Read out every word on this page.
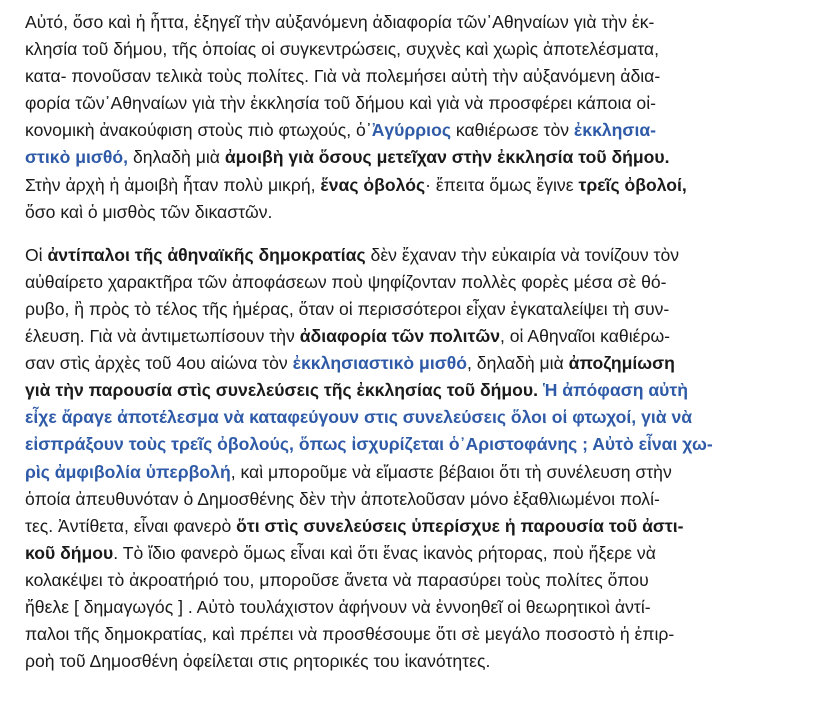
Αὐτό, ὅσο καὶ ἡ ἧττα, ἐξηγεῖ τὴν αὐξανόμενη ἀδιαφορία τῶν᾿Αθηναίων γιὰ τὴν ἐκ-
κλησία τοῦ δήμου, τῆς ὁποίας οἱ συγκεντρώσεις, συχνὲς καὶ χωρὶς ἀποτελέσματα,
κατα- πονοῦσαν τελικὰ τοὺς πολίτες. Γιὰ νὰ πολεμήσει αὐτὴ τὴν αὐξανόμενη ἀδια-
φορία τῶν᾿Αθηναίων γιὰ τὴν ἐκκλησία τοῦ δήμου καὶ γιὰ νὰ προσφέρει κάποια οἰ-
κονομικὴ ἀνακούφιση στοὺς πιὸ φτωχούς, ὁ᾿Ἀγύρριος καθιέρωσε τὸν ἐκκλησια-
στικὸ μισθό, δηλαδὴ μιὰ ἀμοιβὴ γιὰ ὅσους μετεῖχαν στὴν ἐκκλησία τοῦ δήμου.
Στὴν ἀρχὴ ἡ ἀμοιβὴ ἦταν πολὺ μικρή, ἕνας ὀβολός· ἔπειτα ὅμως ἔγινε τρεῖς ὀβολοί,
ὅσο καὶ ὁ μισθὸς τῶν δικαστῶν.

Οἱ ἀντίπαλοι τῆς ἀθηναϊκῆς δημοκρατίας δὲν ἔχαναν τὴν εὐκαιρία νὰ τονίζουν τὸν
αὐθαίρετο χαρακτῆρα τῶν ἀποφάσεων ποὺ ψηφίζονταν πολλὲς φορὲς μέσα σὲ θό-
ρυβο, ἢ πρὸς τὸ τέλος τῆς ἡμέρας, ὅταν οἱ περισσότεροι εἶχαν ἐγκαταλείψει τὴ συν-
έλευση. Γιὰ νὰ ἀντιμετωπίσουν τὴν ἀδιαφορία τῶν πολιτῶν, οἱ Αθηναῖοι καθιέρω-
σαν στὶς ἀρχὲς τοῦ 4ου αἰώνα τὸν ἐκκλησιαστικὸ μισθό, δηλαδὴ μιὰ ἀποζημίωση
γιὰ τὴν παρουσία στὶς συνελεύσεις τῆς ἐκκλησίας τοῦ δήμου. Ἡ ἀπόφαση αὐτὴ
εἶχε ἄραγε ἀποτέλεσμα νὰ καταφεύγουν στις συνελεύσεις ὅλοι οἱ φτωχοί, γιὰ νὰ
εἰσπράξουν τοὺς τρεῖς ὀβολούς, ὅπως ἰσχυρίζεται ὁ᾿Αριστοφάνης ; Αὐτὸ εἶναι χω-
ρὶς ἀμφιβολία ὑπερβολή, καὶ μποροῦμε νὰ εἴμαστε βέβαιοι ὅτι τὴ συνέλευση στὴν
ὁποία ἀπευθυνόταν ὁ Δημοσθένης δὲν τὴν ἀποτελοῦσαν μόνο ἐξαθλιωμένοι πολί-
τες. Ἀντίθετα, εἶναι φανερὸ ὅτι στὶς συνελεύσεις ὑπερίσχυε ἡ παρουσία τοῦ ἀστι-
κοῦ δήμου. Τὸ ἴδιο φανερὸ ὅμως εἶναι καὶ ὅτι ἕνας ἱκανὸς ρήτορας, ποὺ ἤξερε νὰ
κολακέψει τὸ ἀκροατήριό του, μποροῦσε ἄνετα νὰ παρασύρει τοὺς πολίτες ὅπου
ἤθελε [ δημαγωγός ] . Αὐτὸ τουλάχιστον ἀφήνουν νὰ ἐννοηθεῖ οἱ θεωρητικοὶ ἀντί-
παλοι τῆς δημοκρατίας, καὶ πρέπει νὰ προσθέσουμε ὅτι σὲ μεγάλο ποσοστὸ ἡ ἐπιρ-
ροὴ τοῦ Δημοσθένη ὀφείλεται στις ρητορικές του ἱκανότητες.
